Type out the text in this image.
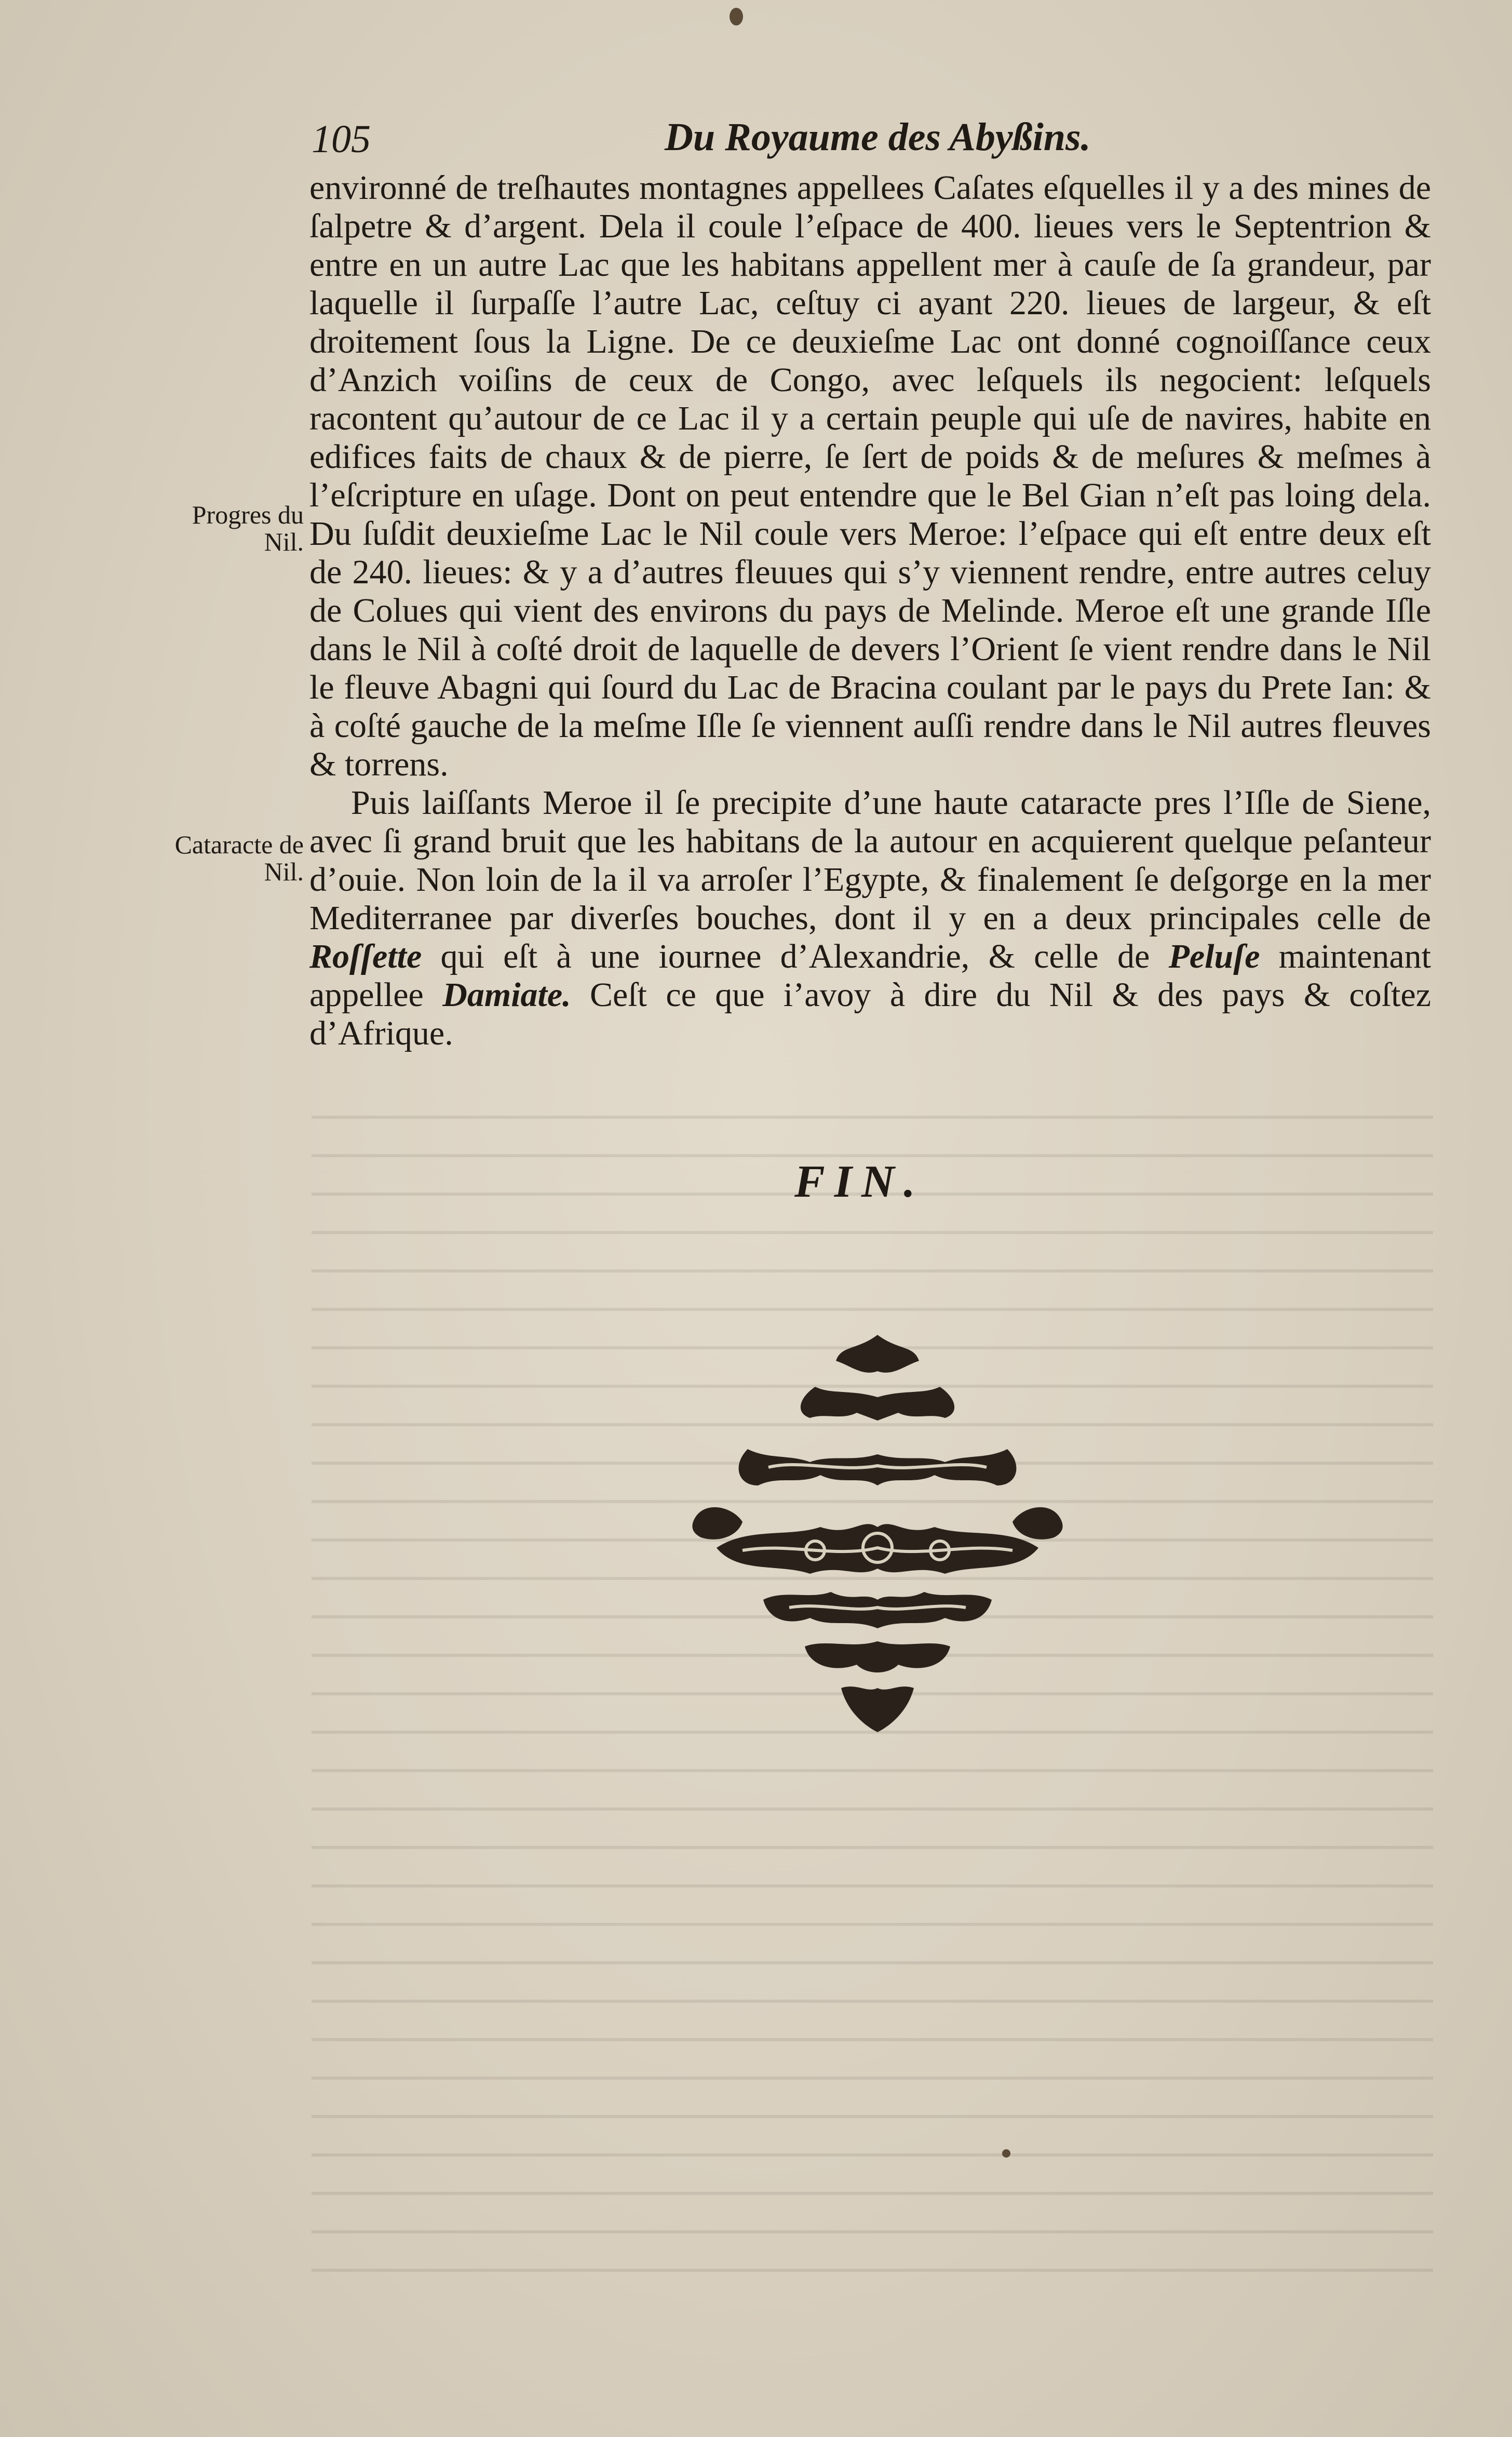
105	Du Royaume des Abyßins.
Progres du Nil.
Cataracte de Nil.

environné de treſhautes montagnes appellees Caſates eſquelles il y a des mines de ſalpetre & d’argent. Dela il coule l’eſpace de 400. lieues vers le Septentrion & entre en un autre Lac que les habitans appellent mer à cauſe de ſa grandeur, par laquelle il ſurpaſſe l’autre Lac, ceſtuy ci ayant 220. lieues de largeur, & eſt droitement ſous la Ligne. De ce deuxieſme Lac ont donné cognoiſſance ceux d’Anzich voiſins de ceux de Congo, avec leſquels ils negocient: leſquels racontent qu’autour de ce Lac il y a certain peuple qui uſe de navires, habite en edifices faits de chaux & de pierre, ſe ſert de poids & de meſures & meſmes à l’eſcripture en uſage. Dont on peut entendre que le Bel Gian n’eſt pas loing dela. Du ſuſdit deuxieſme Lac le Nil coule vers Meroe: l’eſpace qui eſt entre deux eſt de 240. lieues: & y a d’autres fleuues qui s’y viennent rendre, entre autres celuy de Colues qui vient des environs du pays de Melinde. Meroe eſt une grande Iſle dans le Nil à coſté droit de laquelle de devers l’Orient ſe vient rendre dans le Nil le fleuve Abagni qui ſourd du Lac de Bracina coulant par le pays du Prete Ian: & à coſté gauche de la meſme Iſle ſe viennent auſſi rendre dans le Nil autres fleuves & torrens.

Puis laiſſants Meroe il ſe precipite d’une haute cataracte pres l’Iſle de Siene, avec ſi grand bruit que les habitans de la autour en acquierent quelque peſanteur d’ouie. Non loin de la il va arroſer l’Egypte, & finalement ſe deſgorge en la mer Mediterranee par diverſes bouches, dont il y en a deux principales celle de Roſſette qui eſt à une iournee d’Alexandrie, & celle de Peluſe maintenant appellee Damiate. Ceſt ce que i’avoy à dire du Nil & des pays & coſtez d’Afrique.

FIN.
